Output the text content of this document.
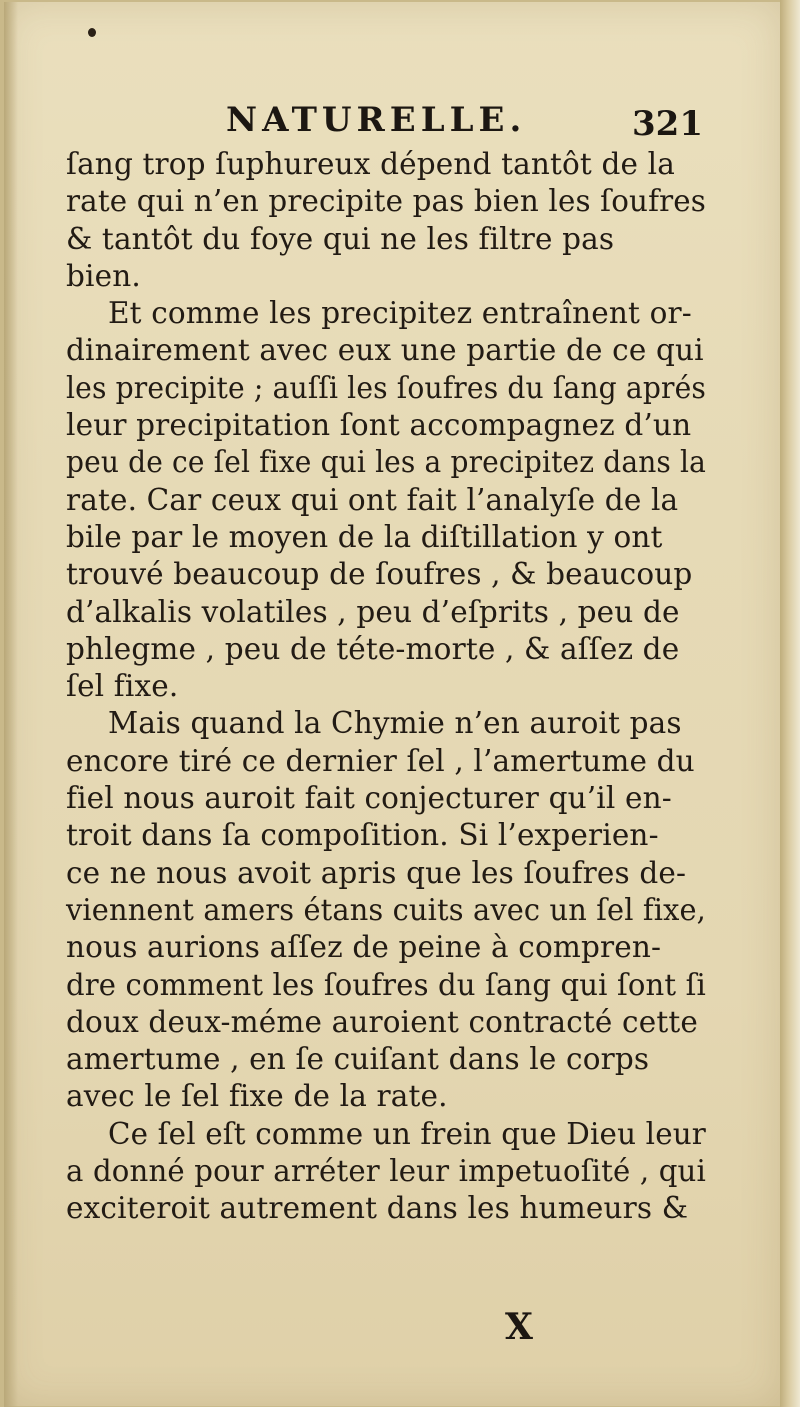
NATURELLE.	321
ſang trop ſuphureux dépend tantôt de la
rate qui n’en precipite pas bien les ſoufres
& tantôt du foye qui ne les filtre pas
bien.
Et comme les precipitez entraînent or-
dinairement avec eux une partie de ce qui
les precipite ; auſſi les ſoufres du ſang aprés
leur precipitation ſont accompagnez d’un
peu de ce ſel fixe qui les a precipitez dans la
rate. Car ceux qui ont fait l’analyſe de la
bile par le moyen de la diſtillation y ont
trouvé beaucoup de ſoufres , & beaucoup
d’alkalis volatiles , peu d’eſprits , peu de
phlegme , peu de téte-morte , & aſſez de
ſel fixe.
Mais quand la Chymie n’en auroit pas
encore tiré ce dernier ſel , l’amertume du
fiel nous auroit fait conjecturer qu’il en-
troit dans ſa compoſition. Si l’experien-
ce ne nous avoit apris que les ſoufres de-
viennent amers étans cuits avec un ſel fixe,
nous aurions aſſez de peine à compren-
dre comment les ſoufres du ſang qui ſont ſi
doux deux-méme auroient contracté cette
amertume , en ſe cuiſant dans le corps
avec le ſel fixe de la rate.
Ce ſel eſt comme un frein que Dieu leur
a donné pour arréter leur impetuoſité , qui
exciteroit autrement dans les humeurs &
X
